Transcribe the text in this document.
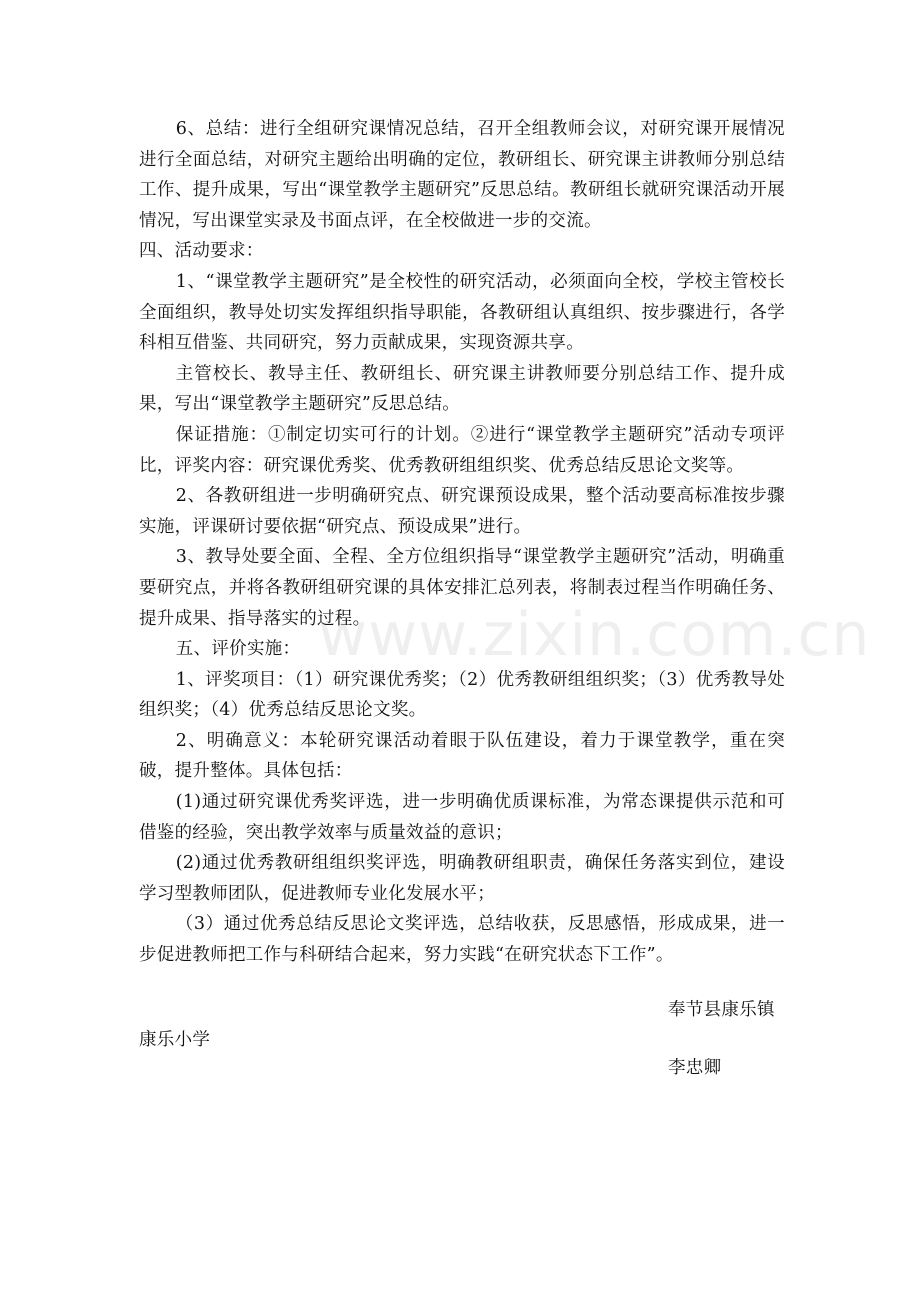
6、总结：进行全组研究课情况总结，召开全组教师会议，对研究课开展情况进行全面总结，对研究主题给出明确的定位，教研组长、研究课主讲教师分别总结工作、提升成果，写出“课堂教学主题研究”反思总结。教研组长就研究课活动开展情况，写出课堂实录及书面点评，在全校做进一步的交流。

四、活动要求：

1、“课堂教学主题研究”是全校性的研究活动，必须面向全校，学校主管校长全面组织，教导处切实发挥组织指导职能，各教研组认真组织、按步骤进行，各学科相互借鉴、共同研究，努力贡献成果，实现资源共享。

主管校长、教导主任、教研组长、研究课主讲教师要分别总结工作、提升成果，写出“课堂教学主题研究”反思总结。

保证措施：①制定切实可行的计划。②进行“课堂教学主题研究”活动专项评比，评奖内容：研究课优秀奖、优秀教研组组织奖、优秀总结反思论文奖等。

2、各教研组进一步明确研究点、研究课预设成果，整个活动要高标准按步骤实施，评课研讨要依据“研究点、预设成果”进行。

3、教导处要全面、全程、全方位组织指导“课堂教学主题研究”活动，明确重要研究点，并将各教研组研究课的具体安排汇总列表，将制表过程当作明确任务、提升成果、指导落实的过程。

五、评价实施：

1、评奖项目：（1）研究课优秀奖；（2）优秀教研组组织奖；（3）优秀教导处组织奖；（4）优秀总结反思论文奖。

2、明确意义：本轮研究课活动着眼于队伍建设，着力于课堂教学，重在突破，提升整体。具体包括：

(1)通过研究课优秀奖评选，进一步明确优质课标准，为常态课提供示范和可借鉴的经验，突出教学效率与质量效益的意识；

(2)通过优秀教研组组织奖评选，明确教研组职责，确保任务落实到位，建设学习型教师团队，促进教师专业化发展水平；

（3）通过优秀总结反思论文奖评选，总结收获，反思感悟，形成成果，进一步促进教师把工作与科研结合起来，努力实践“在研究状态下工作”。

奉节县康乐镇
康乐小学
李忠卿
www.zixin.com.cn
